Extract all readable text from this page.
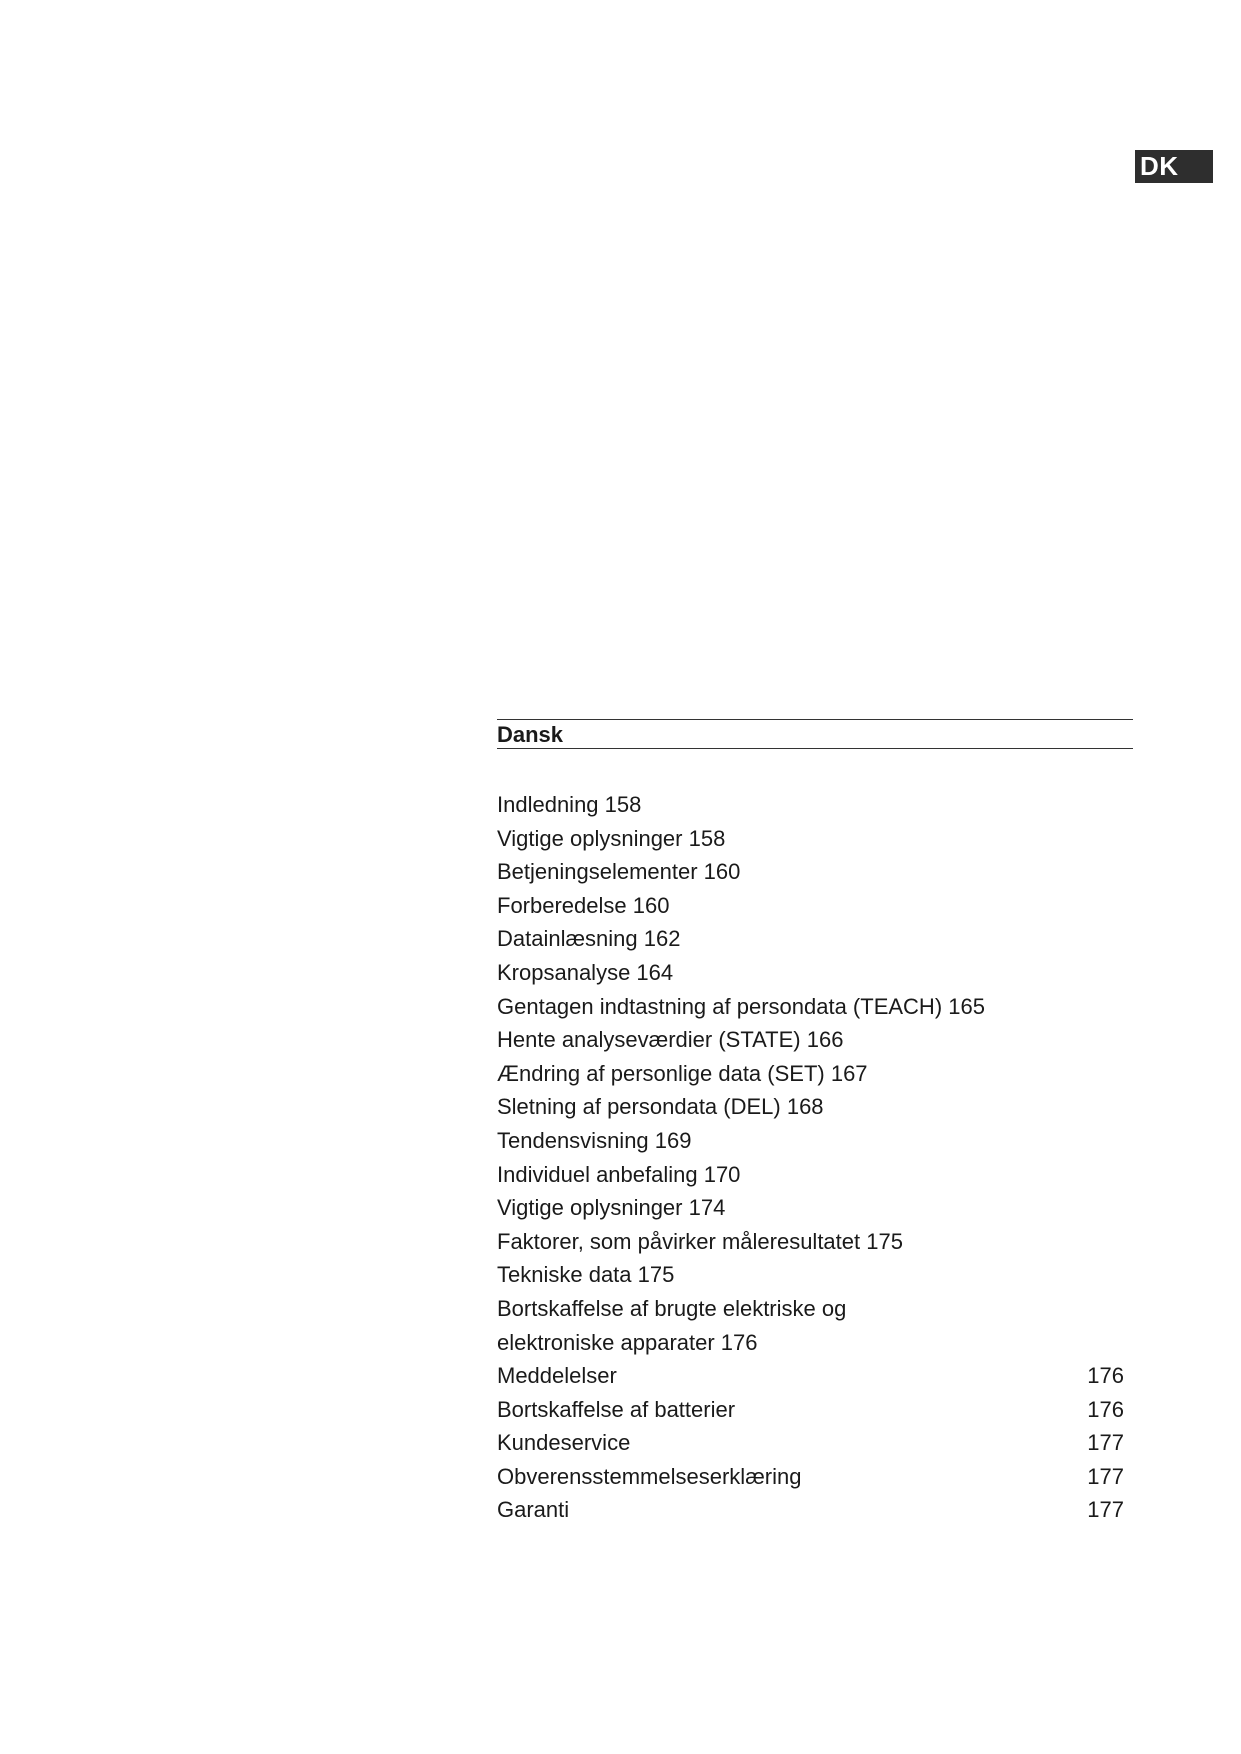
DK
Dansk
Indledning 158
Vigtige oplysninger 158
Betjeningselementer 160
Forberedelse 160
Datainlæsning 162
Kropsanalyse 164
Gentagen indtastning af persondata (TEACH) 165
Hente analyseværdier (STATE) 166
Ændring af personlige data (SET) 167
Sletning af persondata (DEL) 168
Tendensvisning 169
Individuel anbefaling 170
Vigtige oplysninger 174
Faktorer, som påvirker måleresultatet 175
Tekniske data 175
Bortskaffelse af brugte elektriske og
elektroniske apparater 176
Meddelelser	176
Bortskaffelse af batterier	176
Kundeservice	177
Obverensstemmelseserklæring	177
Garanti	177
